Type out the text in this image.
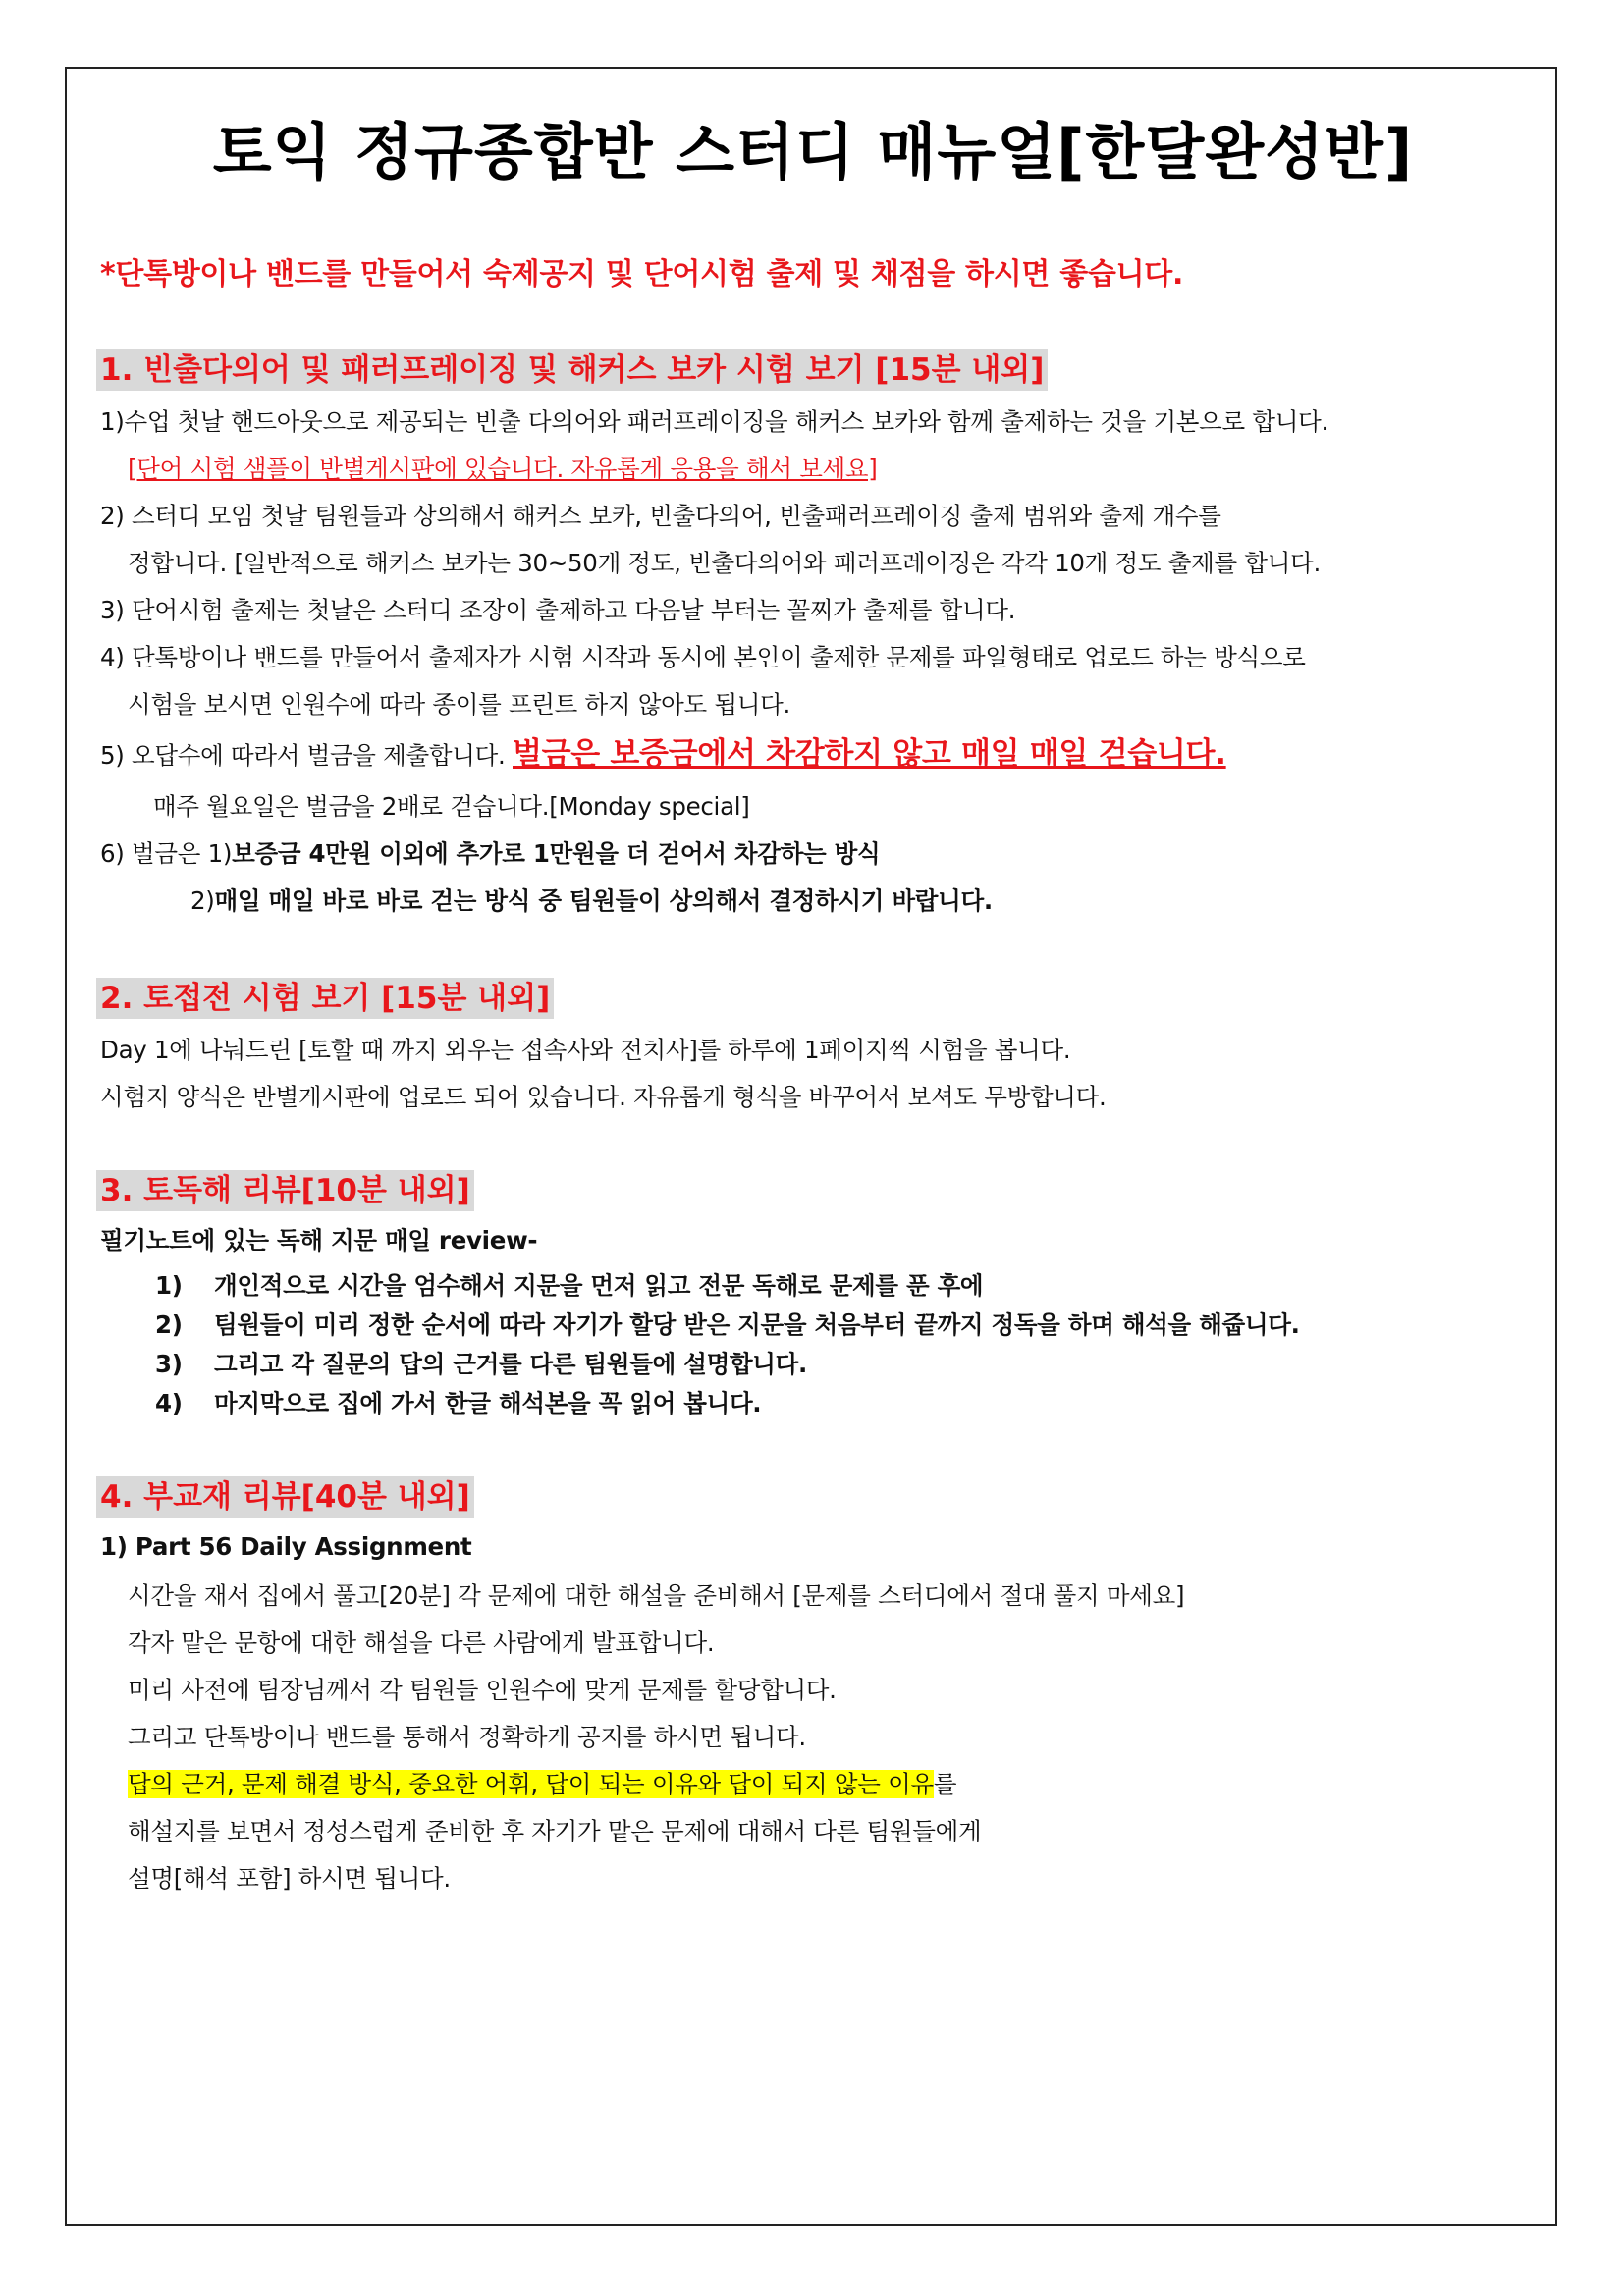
토익 정규종합반 스터디 매뉴얼[한달완성반]
*단톡방이나 밴드를 만들어서 숙제공지 및 단어시험 출제 및 채점을 하시면 좋습니다.
1. 빈출다의어 및 패러프레이징 및 해커스 보카 시험 보기 [15분 내외]
1)수업 첫날 핸드아웃으로 제공되는 빈출 다의어와 패러프레이징을 해커스 보카와 함께 출제하는 것을 기본으로 합니다.
[단어 시험 샘플이 반별게시판에 있습니다. 자유롭게 응용을 해서 보세요]
2) 스터디 모임 첫날 팀원들과 상의해서 해커스 보카, 빈출다의어, 빈출패러프레이징 출제 범위와 출제 개수를
정합니다. [일반적으로 해커스 보카는 30~50개 정도, 빈출다의어와 패러프레이징은 각각 10개 정도 출제를 합니다.
3) 단어시험 출제는 첫날은 스터디 조장이 출제하고 다음날 부터는 꼴찌가 출제를 합니다.
4) 단톡방이나 밴드를 만들어서 출제자가 시험 시작과 동시에 본인이 출제한 문제를 파일형태로 업로드 하는 방식으로
시험을 보시면 인원수에 따라 종이를 프린트 하지 않아도 됩니다.
5) 오답수에 따라서 벌금을 제출합니다. 벌금은 보증금에서 차감하지 않고 매일 매일 걷습니다.
매주 월요일은 벌금을 2배로 걷습니다.[Monday special]
6) 벌금은 1)보증금 4만원 이외에 추가로 1만원을 더 걷어서 차감하는 방식
2)매일 매일 바로 바로 걷는 방식 중 팀원들이 상의해서 결정하시기 바랍니다.
2. 토접전 시험 보기 [15분 내외]
Day 1에 나눠드린 [토할 때 까지 외우는 접속사와 전치사]를 하루에 1페이지찍 시험을 봅니다.
시험지 양식은 반별게시판에 업로드 되어 있습니다. 자유롭게 형식을 바꾸어서 보셔도 무방합니다.
3. 토독해 리뷰[10분 내외]
필기노트에 있는 독해 지문 매일 review-
1) 개인적으로 시간을 엄수해서 지문을 먼저 읽고 전문 독해로 문제를 푼 후에
2) 팀원들이 미리 정한 순서에 따라 자기가 할당 받은 지문을 처음부터 끝까지 정독을 하며 해석을 해줍니다.
3) 그리고 각 질문의 답의 근거를 다른 팀원들에 설명합니다.
4) 마지막으로 집에 가서 한글 해석본을 꼭 읽어 봅니다.
4. 부교재 리뷰[40분 내외]
1) Part 56 Daily Assignment
시간을 재서 집에서 풀고[20분] 각 문제에 대한 해설을 준비해서 [문제를 스터디에서 절대 풀지 마세요]
각자 맡은 문항에 대한 해설을 다른 사람에게 발표합니다.
미리 사전에 팀장님께서 각 팀원들 인원수에 맞게 문제를 할당합니다.
그리고 단톡방이나 밴드를 통해서 정확하게 공지를 하시면 됩니다.
답의 근거, 문제 해결 방식, 중요한 어휘, 답이 되는 이유와 답이 되지 않는 이유를
해설지를 보면서 정성스럽게 준비한 후 자기가 맡은 문제에 대해서 다른 팀원들에게
설명[해석 포함] 하시면 됩니다.
